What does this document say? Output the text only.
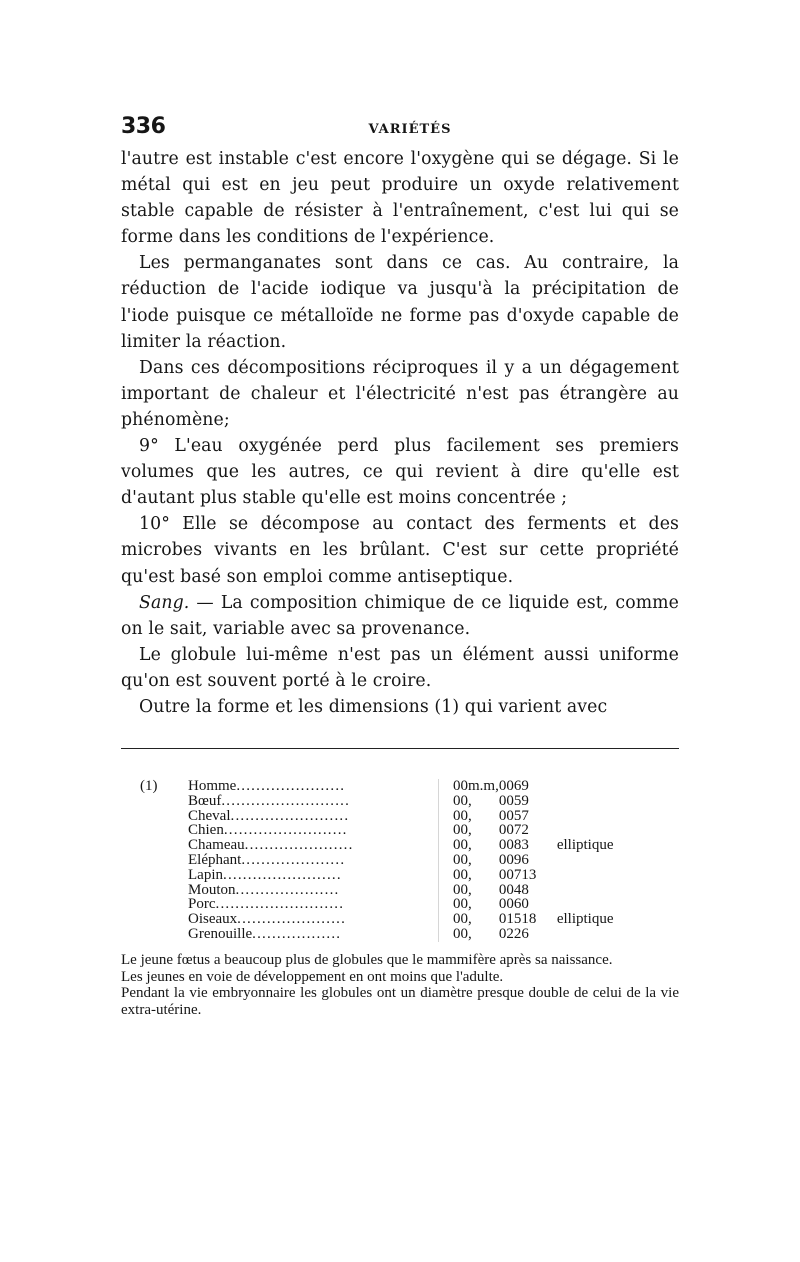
336	VARIÉTÉS

l'autre est instable c'est encore l'oxygène qui se dégage. Si le métal qui est en jeu peut produire un oxyde relativement stable capable de résister à l'entraînement, c'est lui qui se forme dans les conditions de l'expérience.

Les permanganates sont dans ce cas. Au contraire, la réduction de l'acide iodique va jusqu'à la précipitation de l'iode puisque ce métalloïde ne forme pas d'oxyde capable de limiter la réaction.

Dans ces décompositions réciproques il y a un dégagement important de chaleur et l'électricité n'est pas étrangère au phénomène;

9° L'eau oxygénée perd plus facilement ses premiers volumes que les autres, ce qui revient à dire qu'elle est d'autant plus stable qu'elle est moins concentrée ;

10° Elle se décompose au contact des ferments et des microbes vivants en les brûlant. C'est sur cette propriété qu'est basé son emploi comme antiseptique.

Sang. — La composition chimique de ce liquide est, comme on le sait, variable avec sa provenance.

Le globule lui-même n'est pas un élément aussi uniforme qu'on est souvent porté à le croire.

Outre la forme et les dimensions (1) qui varient avec

(1)	Homme......................	00m.m,	0069	
	Bœuf..........................	00,	0059	
	Cheval........................	00,	0057	
	Chien.........................	00,	0072	
	Chameau......................	00,	0083	elliptique
	Eléphant.....................	00,	0096	
	Lapin........................	00,	00713	
	Mouton.....................	00,	0048	
	Porc..........................	00,	0060	
	Oiseaux......................	00,	01518	elliptique
	Grenouille..................	00,	0226	

Le jeune fœtus a beaucoup plus de globules que le mammifère après sa naissance.

Les jeunes en voie de développement en ont moins que l'adulte.

Pendant la vie embryonnaire les globules ont un diamètre presque double de celui de la vie extra-utérine.
